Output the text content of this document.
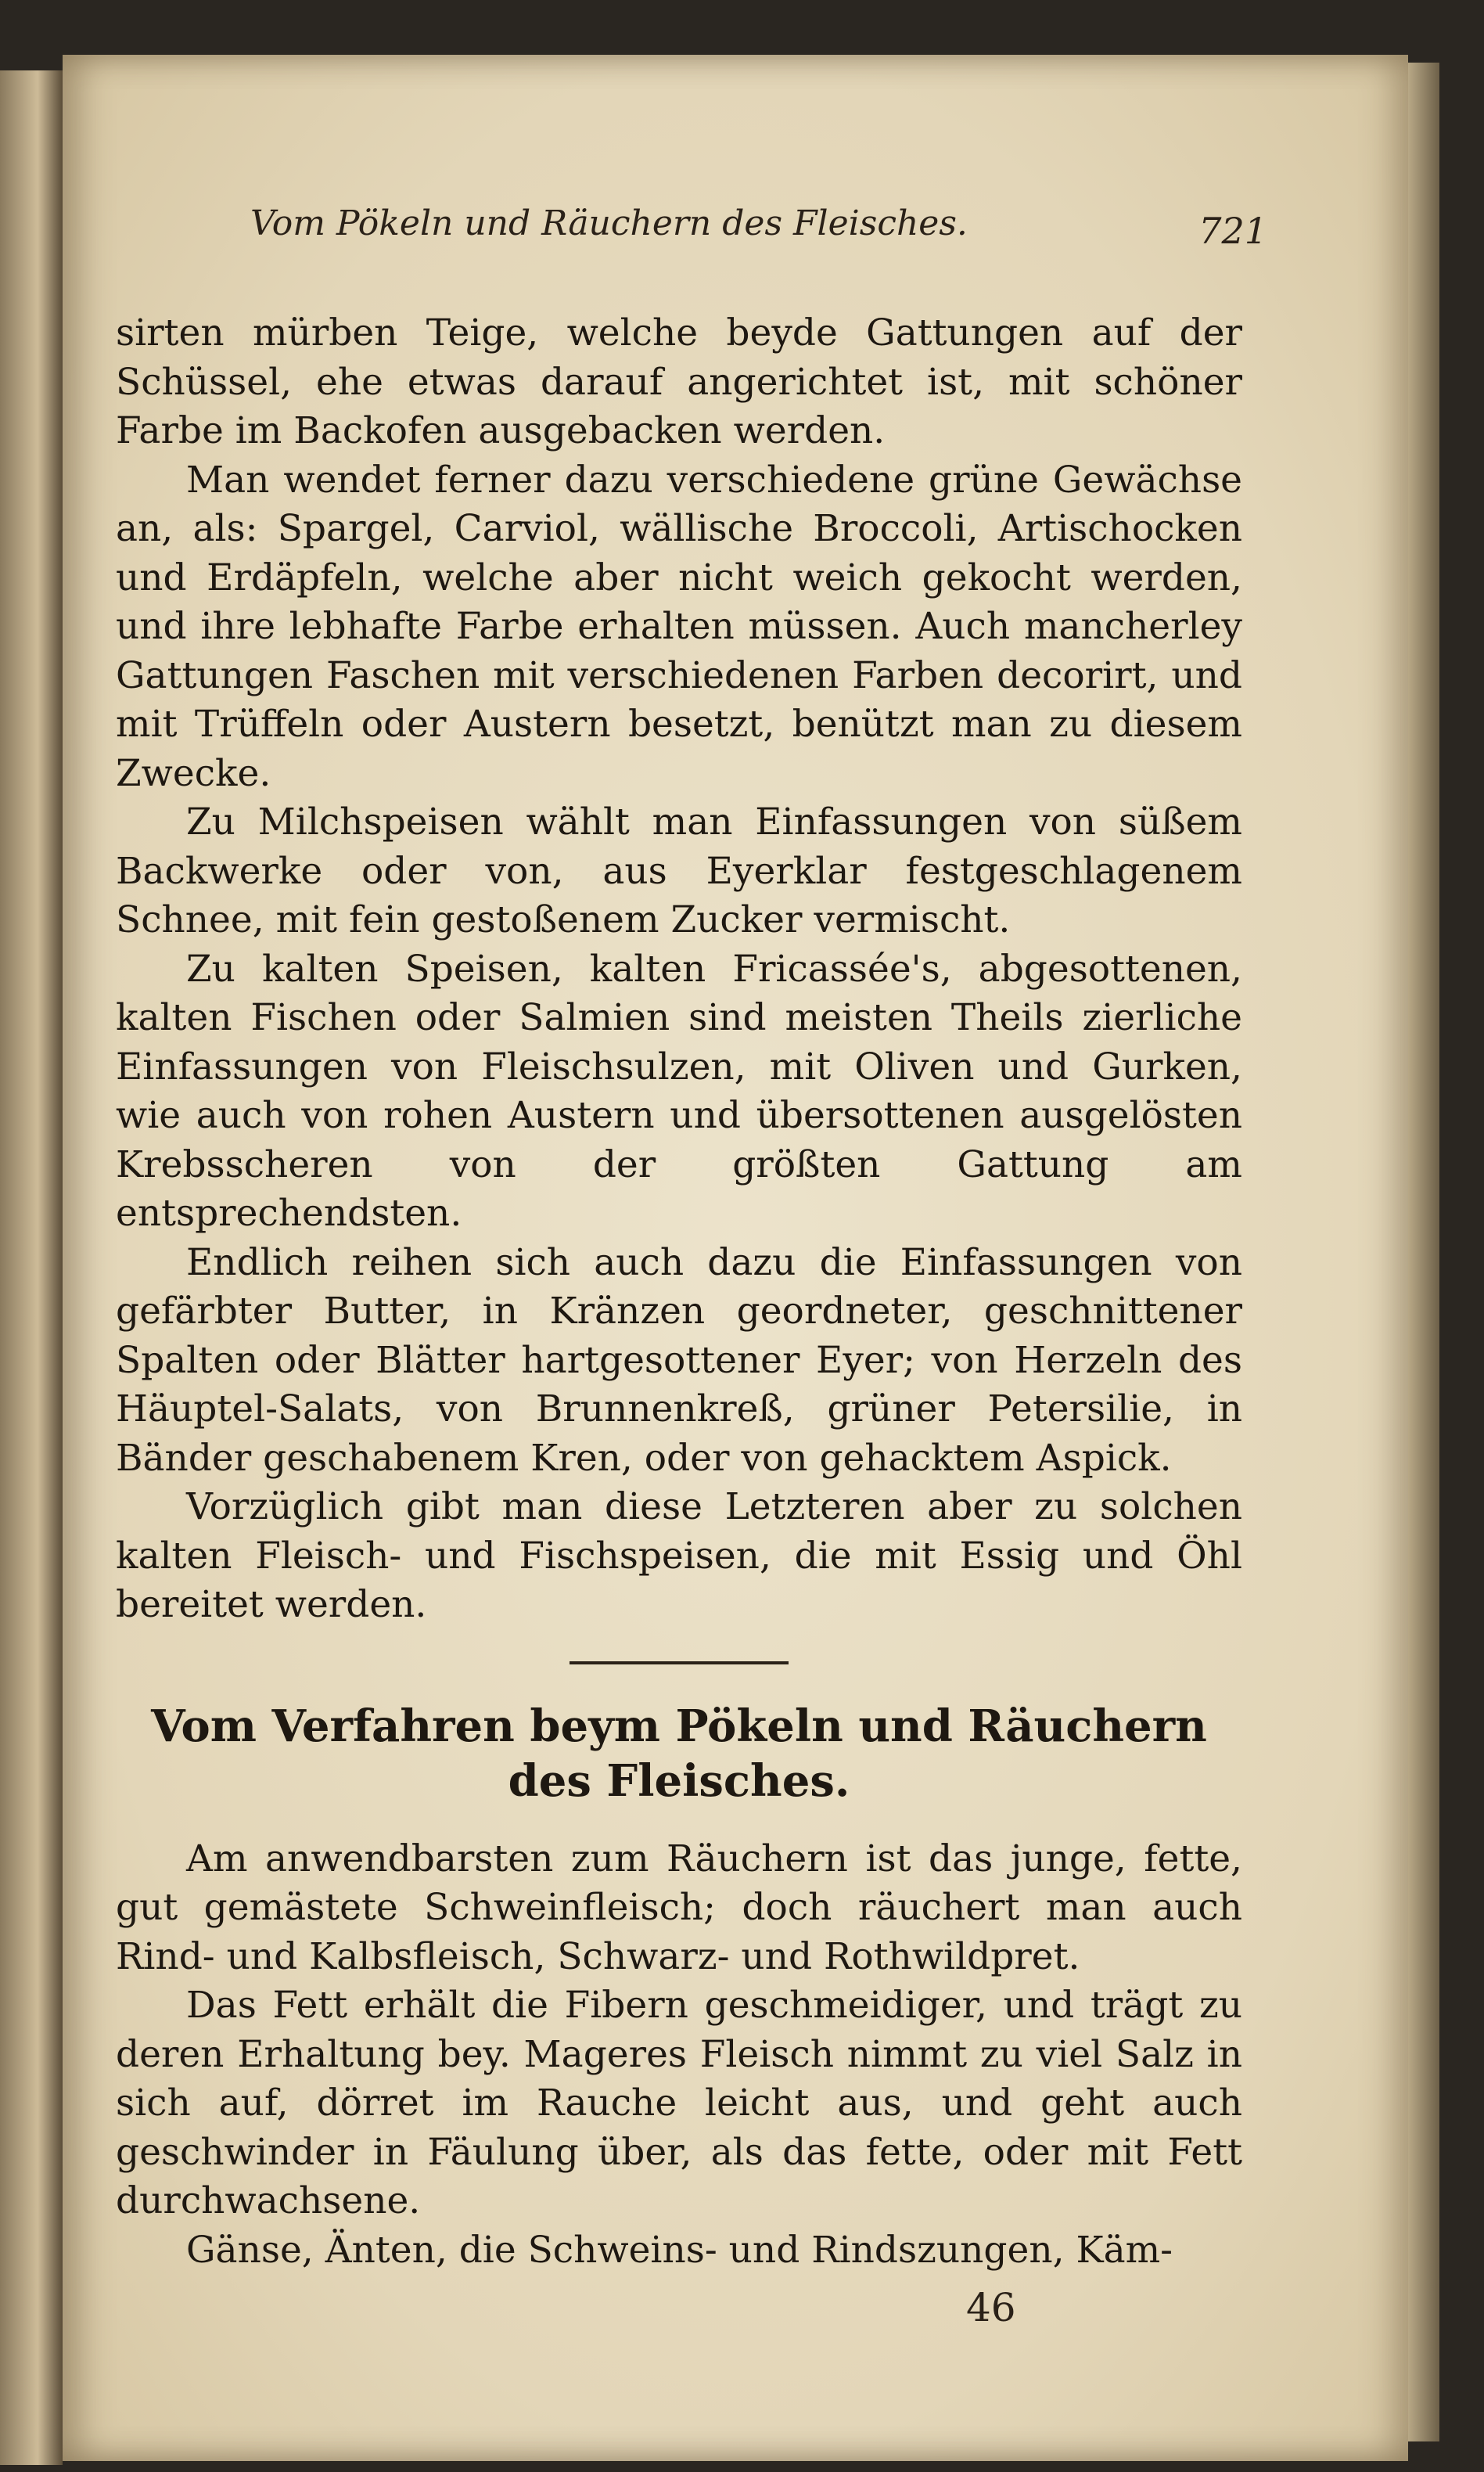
Vom Pökeln und Räuchern des Fleisches.	721

sirten mürben Teige, welche beyde Gattungen auf der Schüssel, ehe etwas darauf angerichtet ist, mit schöner Farbe im Backofen ausgebacken werden.

Man wendet ferner dazu verschiedene grüne Gewächse an, als: Spargel, Carviol, wällische Broccoli, Artischocken und Erdäpfeln, welche aber nicht weich gekocht werden, und ihre lebhafte Farbe erhalten müssen. Auch mancherley Gattungen Faschen mit verschiedenen Farben decorirt, und mit Trüffeln oder Austern besetzt, benützt man zu diesem Zwecke.

Zu Milchspeisen wählt man Einfassungen von süßem Backwerke oder von, aus Eyerklar festgeschlagenem Schnee, mit fein gestoßenem Zucker vermischt.

Zu kalten Speisen, kalten Fricassée's, abgesottenen, kalten Fischen oder Salmien sind meisten Theils zierliche Einfassungen von Fleischsulzen, mit Oliven und Gurken, wie auch von rohen Austern und übersottenen ausgelösten Krebsscheren von der größten Gattung am entsprechendsten.

Endlich reihen sich auch dazu die Einfassungen von gefärbter Butter, in Kränzen geordneter, geschnittener Spalten oder Blätter hartgesottener Eyer; von Herzeln des Häuptel-Salats, von Brunnenkreß, grüner Petersilie, in Bänder geschabenem Kren, oder von gehacktem Aspick.

Vorzüglich gibt man diese Letzteren aber zu solchen kalten Fleisch- und Fischspeisen, die mit Essig und Öhl bereitet werden.

Vom Verfahren beym Pökeln und Räuchern des Fleisches.

Am anwendbarsten zum Räuchern ist das junge, fette, gut gemästete Schweinfleisch; doch räuchert man auch Rind- und Kalbsfleisch, Schwarz- und Rothwildpret.

Das Fett erhält die Fibern geschmeidiger, und trägt zu deren Erhaltung bey. Mageres Fleisch nimmt zu viel Salz in sich auf, dörret im Rauche leicht aus, und geht auch geschwinder in Fäulung über, als das fette, oder mit Fett durchwachsene.

Gänse, Änten, die Schweins- und Rindszungen, Käm-

46
